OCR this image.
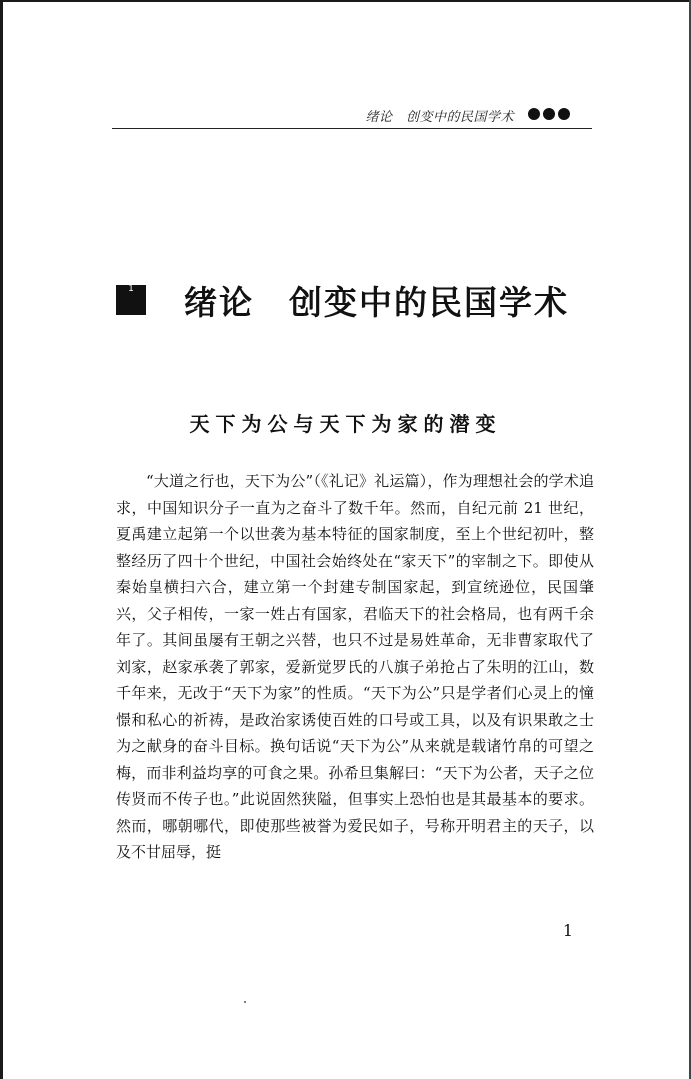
绪论　创变中的民国学术
1	绪论　创变中的民国学术
天下为公与天下为家的潜变

“大道之行也，天下为公”（《礼记》礼运篇），作为理想社会的学术追求，中国知识分子一直为之奋斗了数千年。然而，自纪元前 21 世纪，夏禹建立起第一个以世袭为基本特征的国家制度，至上个世纪初叶，整整经历了四十个世纪，中国社会始终处在“家天下”的宰制之下。即使从秦始皇横扫六合，建立第一个封建专制国家起，到宣统逊位，民国肇兴，父子相传，一家一姓占有国家，君临天下的社会格局，也有两千余年了。其间虽屡有王朝之兴替，也只不过是易姓革命，无非曹家取代了刘家，赵家承袭了郭家，爱新觉罗氏的八旗子弟抢占了朱明的江山，数千年来，无改于“天下为家”的性质。“天下为公”只是学者们心灵上的憧憬和私心的祈祷，是政治家诱使百姓的口号或工具，以及有识果敢之士为之献身的奋斗目标。换句话说“天下为公”从来就是载诸竹帛的可望之梅，而非利益均享的可食之果。孙希旦集解曰：“天下为公者，天子之位传贤而不传子也。”此说固然狭隘，但事实上恐怕也是其最基本的要求。然而，哪朝哪代，即使那些被誉为爱民如子，号称开明君主的天子，以及不甘屈辱，挺

1
